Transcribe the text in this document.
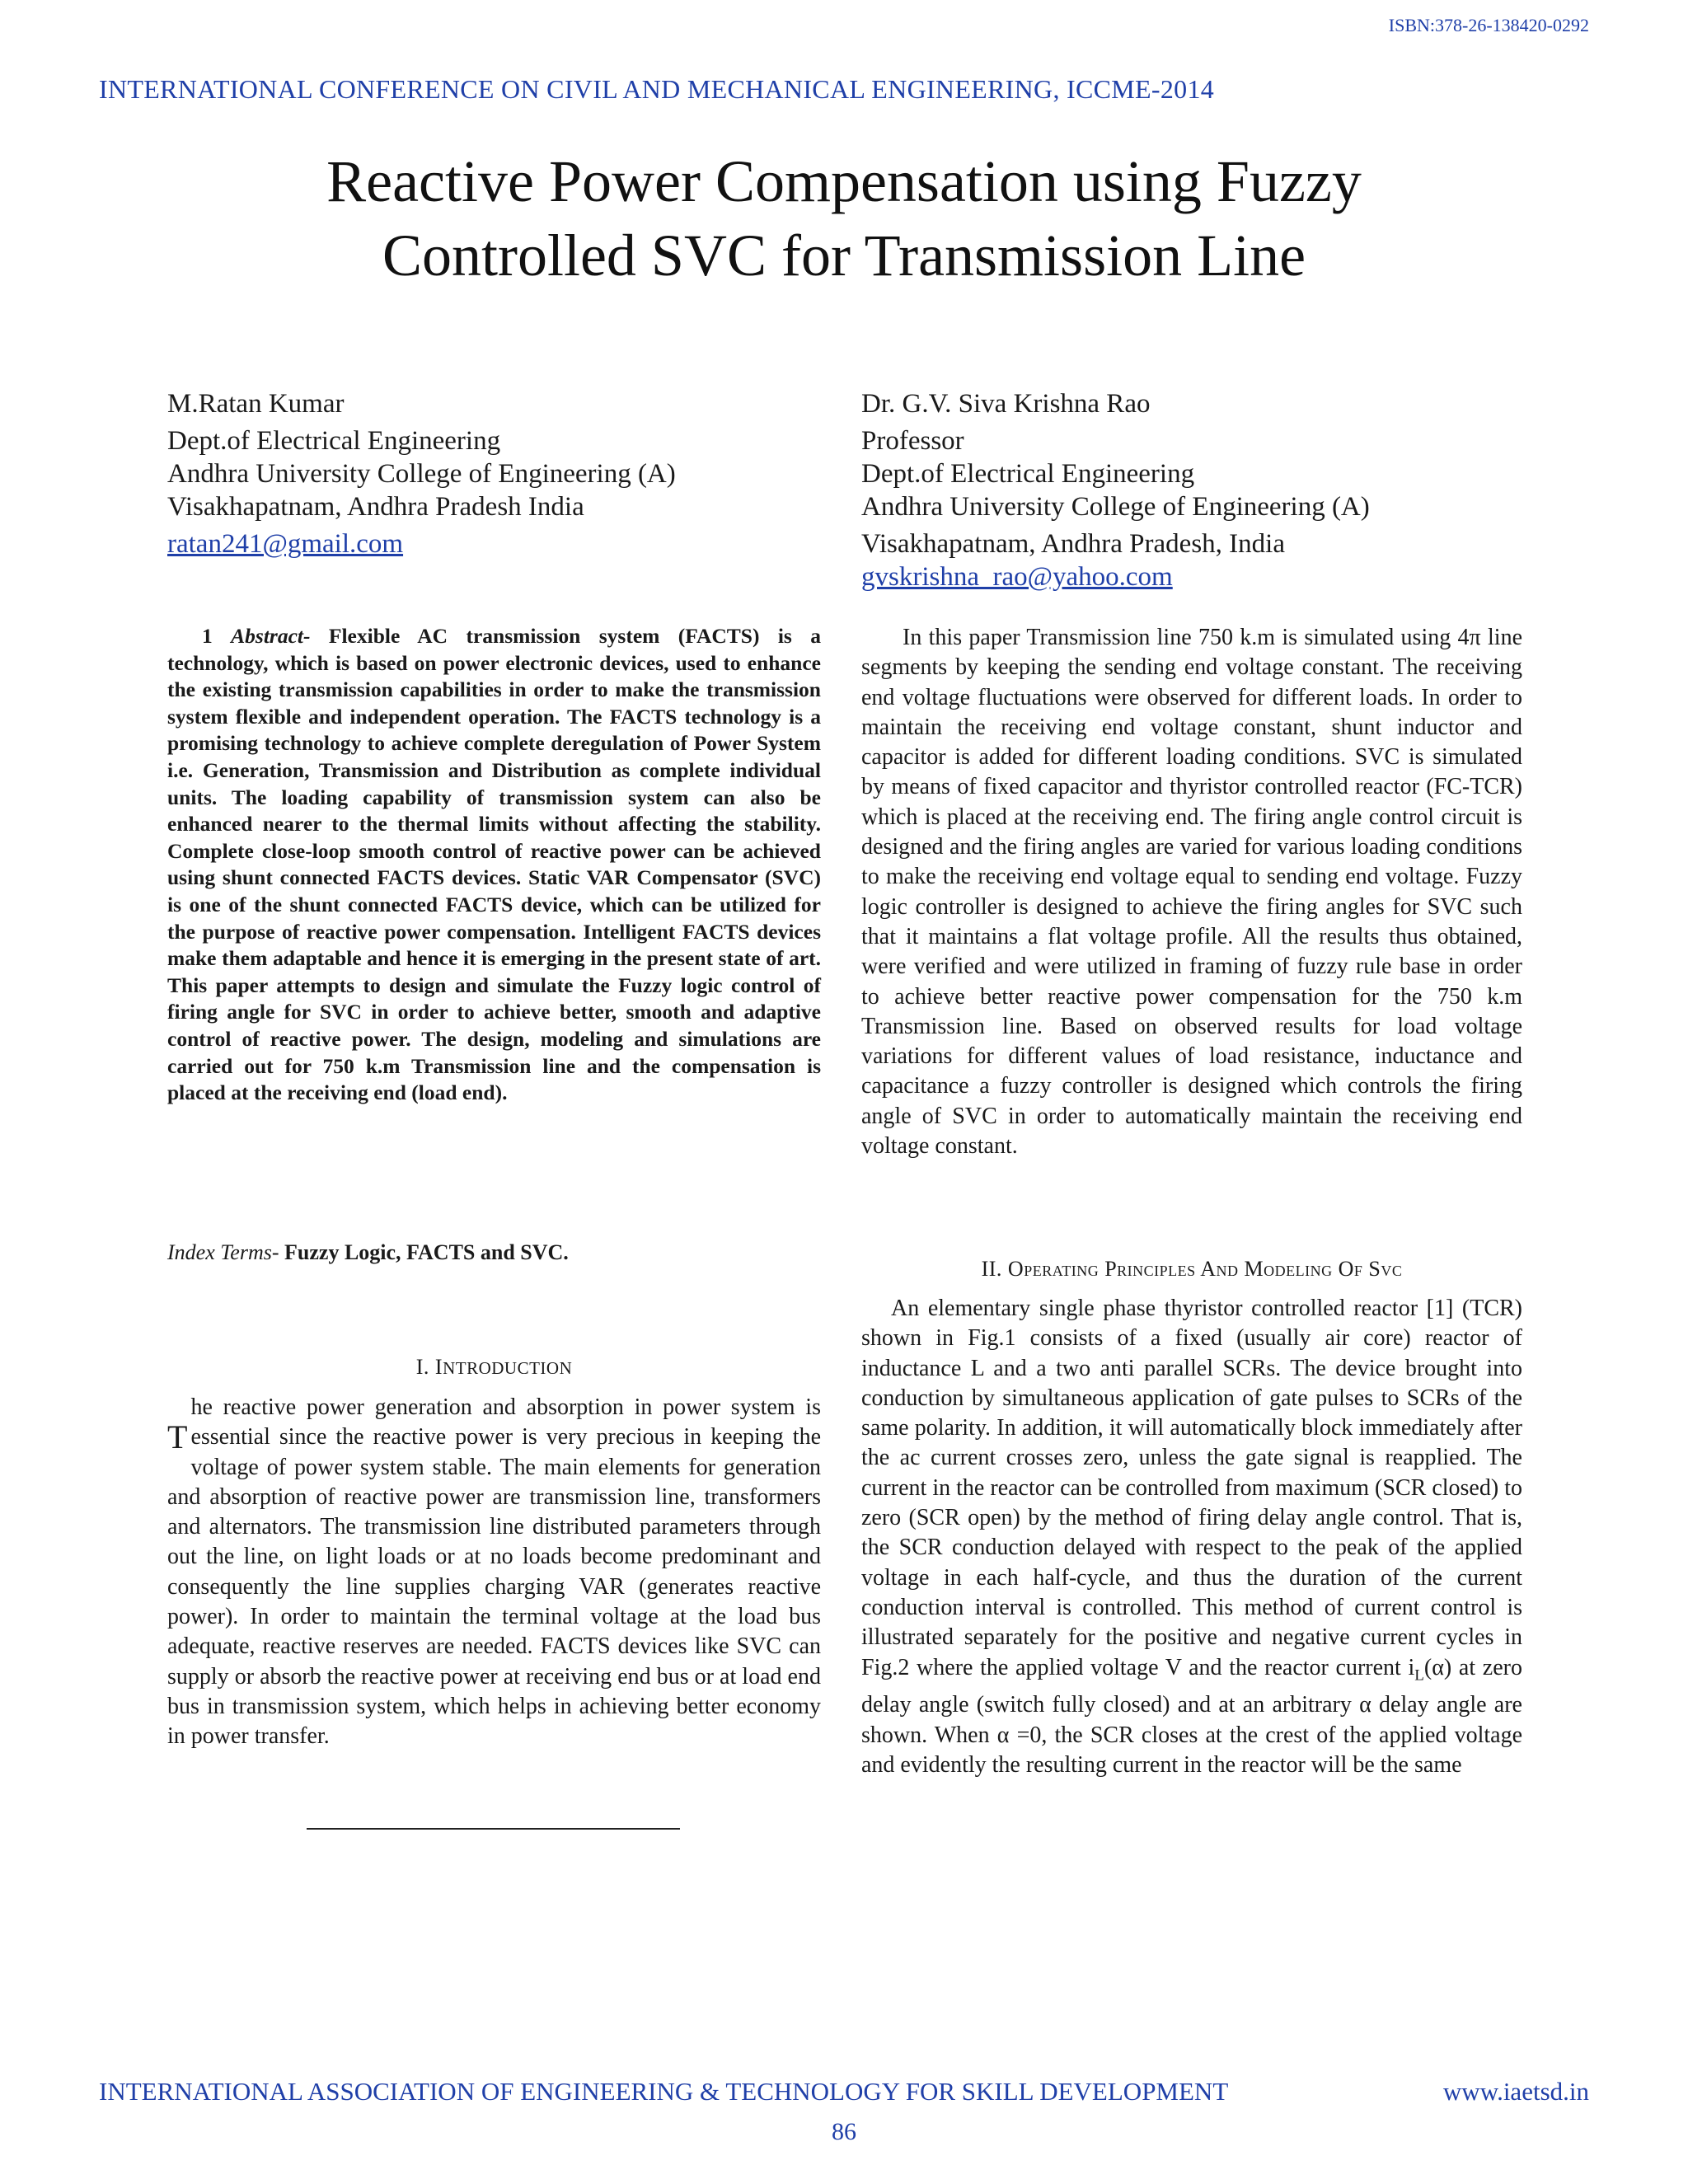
ISBN:378-26-138420-0292
INTERNATIONAL CONFERENCE ON CIVIL AND MECHANICAL ENGINEERING, ICCME-2014
Reactive Power Compensation using Fuzzy
Controlled SVC for Transmission Line
M.Ratan Kumar
Dept.of Electrical Engineering
Andhra University College of Engineering (A)
Visakhapatnam, Andhra Pradesh India
ratan241@gmail.com
Dr. G.V. Siva Krishna Rao
Professor
Dept.of Electrical Engineering
Andhra University College of Engineering (A)
Visakhapatnam, Andhra Pradesh, India
gvskrishna_rao@yahoo.com
1 Abstract- Flexible AC transmission system (FACTS) is a technology, which is based on power electronic devices, used to enhance the existing transmission capabilities in order to make the transmission system flexible and independent operation. The FACTS technology is a promising technology to achieve complete deregulation of Power System i.e. Generation, Transmission and Distribution as complete individual units. The loading capability of transmission system can also be enhanced nearer to the thermal limits without affecting the stability. Complete close-loop smooth control of reactive power can be achieved using shunt connected FACTS devices. Static VAR Compensator (SVC) is one of the shunt connected FACTS device, which can be utilized for the purpose of reactive power compensation. Intelligent FACTS devices make them adaptable and hence it is emerging in the present state of art. This paper attempts to design and simulate the Fuzzy logic control of firing angle for SVC in order to achieve better, smooth and adaptive control of reactive power. The design, modeling and simulations are carried out for 750 k.m Transmission line and the compensation is placed at the receiving end (load end).
Index Terms- Fuzzy Logic, FACTS and SVC.
I. INTRODUCTION
T
he reactive power generation and absorption in power system is essential since the reactive power is very precious in keeping the voltage of power system stable. The main elements for generation and absorption of reactive power are transmission line, transformers and alternators. The transmission line distributed parameters through out the line, on light loads or at no loads become predominant and consequently the line supplies charging VAR (generates reactive power). In order to maintain the terminal voltage at the load bus adequate, reactive reserves are needed. FACTS devices like SVC can supply or absorb the reactive power at receiving end bus or at load end bus in transmission system, which helps in achieving better economy in power transfer.

In this paper Transmission line 750 k.m is simulated using 4π line segments by keeping the sending end voltage constant. The receiving end voltage fluctuations were observed for different loads. In order to maintain the receiving end voltage constant, shunt inductor and capacitor is added for different loading conditions. SVC is simulated by means of fixed capacitor and thyristor controlled reactor (FC-TCR) which is placed at the receiving end. The firing angle control circuit is designed and the firing angles are varied for various loading conditions to make the receiving end voltage equal to sending end voltage. Fuzzy logic controller is designed to achieve the firing angles for SVC such that it maintains a flat voltage profile. All the results thus obtained, were verified and were utilized in framing of fuzzy rule base in order to achieve better reactive power compensation for the 750 k.m Transmission line. Based on observed results for load voltage variations for different values of load resistance, inductance and capacitance a fuzzy controller is designed which controls the firing angle of SVC in order to automatically maintain the receiving end voltage constant.

II. Operating Principles And Modeling Of Svc

An elementary single phase thyristor controlled reactor [1] (TCR) shown in Fig.1 consists of a fixed (usually air core) reactor of inductance L and a two anti parallel SCRs. The device brought into conduction by simultaneous application of gate pulses to SCRs of the same polarity. In addition, it will automatically block immediately after the ac current crosses zero, unless the gate signal is reapplied. The current in the reactor can be controlled from maximum (SCR closed) to zero (SCR open) by the method of firing delay angle control. That is, the SCR conduction delayed with respect to the peak of the applied voltage in each half-cycle, and thus the duration of the current conduction interval is controlled. This method of current control is illustrated separately for the positive and negative current cycles in Fig.2 where the applied voltage V and the reactor current $i_L(\alpha)$ at zero delay angle (switch fully closed) and at an arbitrary α delay angle are shown. When α =0, the SCR closes at the crest of the applied voltage and evidently the resulting current in the reactor will be the same

INTERNATIONAL ASSOCIATION OF ENGINEERING & TECHNOLOGY FOR SKILL DEVELOPMENT	www.iaetsd.in
86
